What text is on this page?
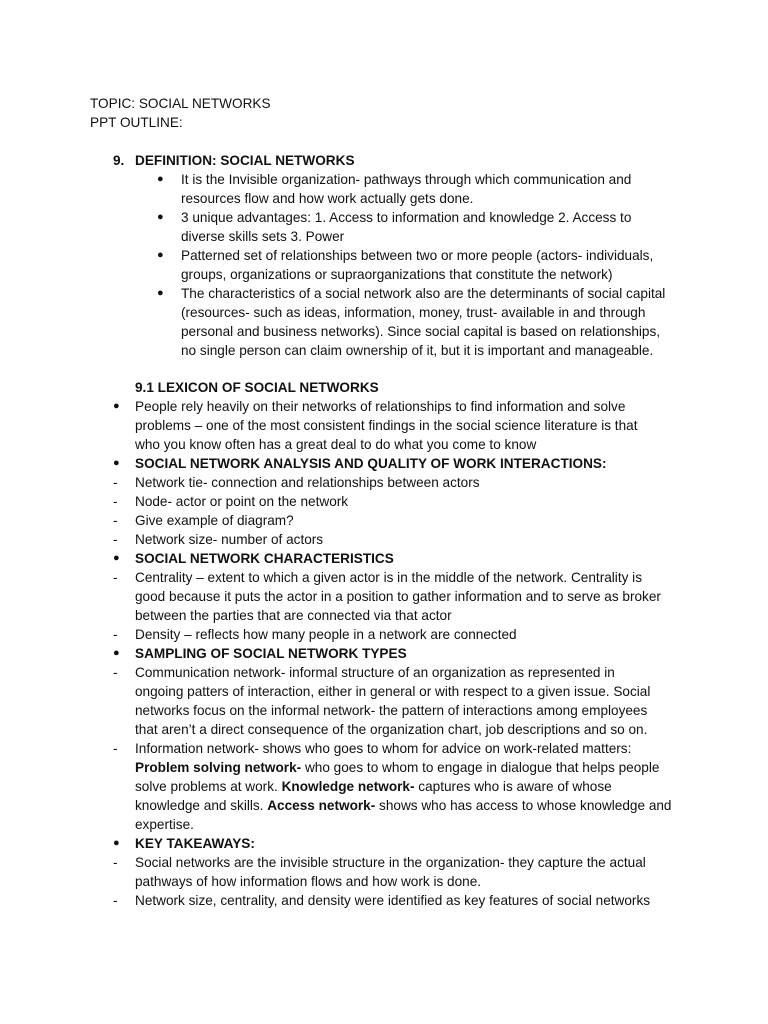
TOPIC: SOCIAL NETWORKS
PPT OUTLINE:
9. DEFINITION: SOCIAL NETWORKS
● It is the Invisible organization- pathways through which communication and
resources flow and how work actually gets done.
● 3 unique advantages: 1. Access to information and knowledge 2. Access to
diverse skills sets 3. Power
● Patterned set of relationships between two or more people (actors- individuals,
groups, organizations or supraorganizations that constitute the network)
● The characteristics of a social network also are the determinants of social capital
(resources- such as ideas, information, money, trust- available in and through
personal and business networks). Since social capital is based on relationships,
no single person can claim ownership of it, but it is important and manageable.
9.1 LEXICON OF SOCIAL NETWORKS
● People rely heavily on their networks of relationships to find information and solve
problems – one of the most consistent findings in the social science literature is that
who you know often has a great deal to do what you come to know
● SOCIAL NETWORK ANALYSIS AND QUALITY OF WORK INTERACTIONS:
- Network tie- connection and relationships between actors
- Node- actor or point on the network
- Give example of diagram?
- Network size- number of actors
● SOCIAL NETWORK CHARACTERISTICS
- Centrality – extent to which a given actor is in the middle of the network. Centrality is
good because it puts the actor in a position to gather information and to serve as broker
between the parties that are connected via that actor
- Density – reflects how many people in a network are connected
● SAMPLING OF SOCIAL NETWORK TYPES
- Communication network- informal structure of an organization as represented in
ongoing patters of interaction, either in general or with respect to a given issue. Social
networks focus on the informal network- the pattern of interactions among employees
that aren’t a direct consequence of the organization chart, job descriptions and so on.
- Information network- shows who goes to whom for advice on work-related matters:
Problem solving network- who goes to whom to engage in dialogue that helps people
solve problems at work. Knowledge network- captures who is aware of whose
knowledge and skills. Access network- shows who has access to whose knowledge and
expertise.
● KEY TAKEAWAYS:
- Social networks are the invisible structure in the organization- they capture the actual
pathways of how information flows and how work is done.
- Network size, centrality, and density were identified as key features of social networks
